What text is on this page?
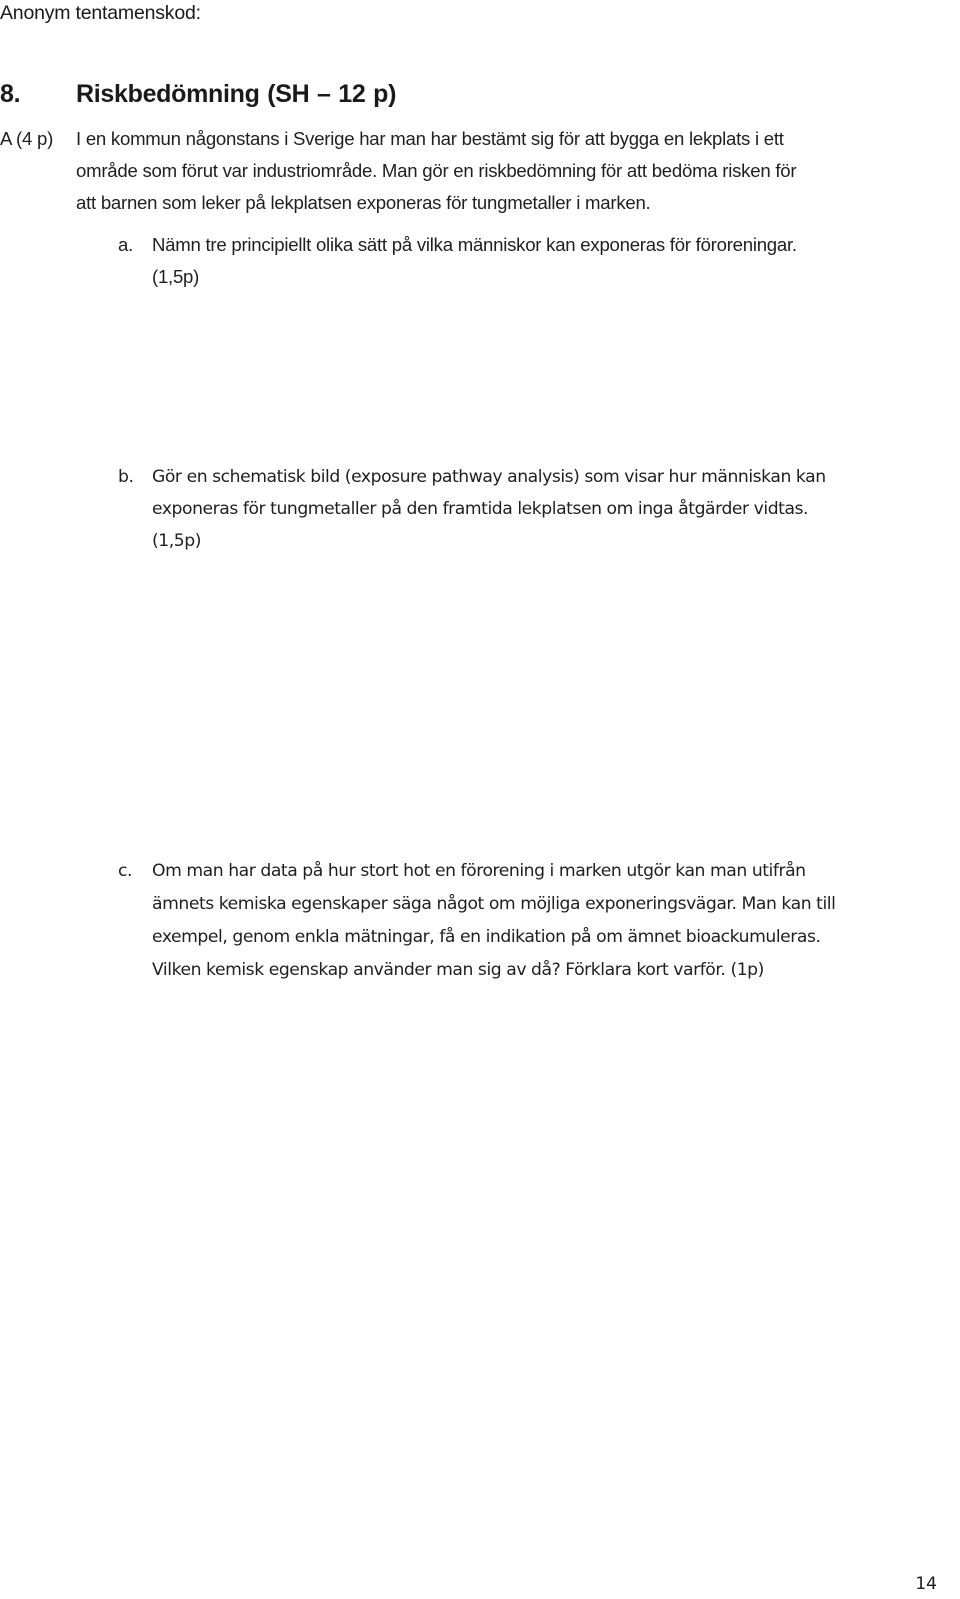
Anonym tentamenskod:
8. Riskbedömning (SH – 12 p)
A (4 p) I en kommun någonstans i Sverige har man har bestämt sig för att bygga en lekplats i ett
område som förut var industriområde. Man gör en riskbedömning för att bedöma risken för
att barnen som leker på lekplatsen exponeras för tungmetaller i marken.
a. Nämn tre principiellt olika sätt på vilka människor kan exponeras för föroreningar.
(1,5p)
b. Gör en schematisk bild (exposure pathway analysis) som visar hur människan kan
exponeras för tungmetaller på den framtida lekplatsen om inga åtgärder vidtas.
(1,5p)
c. Om man har data på hur stort hot en förorening i marken utgör kan man utifrån
ämnets kemiska egenskaper säga något om möjliga exponeringsvägar. Man kan till
exempel, genom enkla mätningar, få en indikation på om ämnet bioackumuleras.
Vilken kemisk egenskap använder man sig av då? Förklara kort varför. (1p)
14
